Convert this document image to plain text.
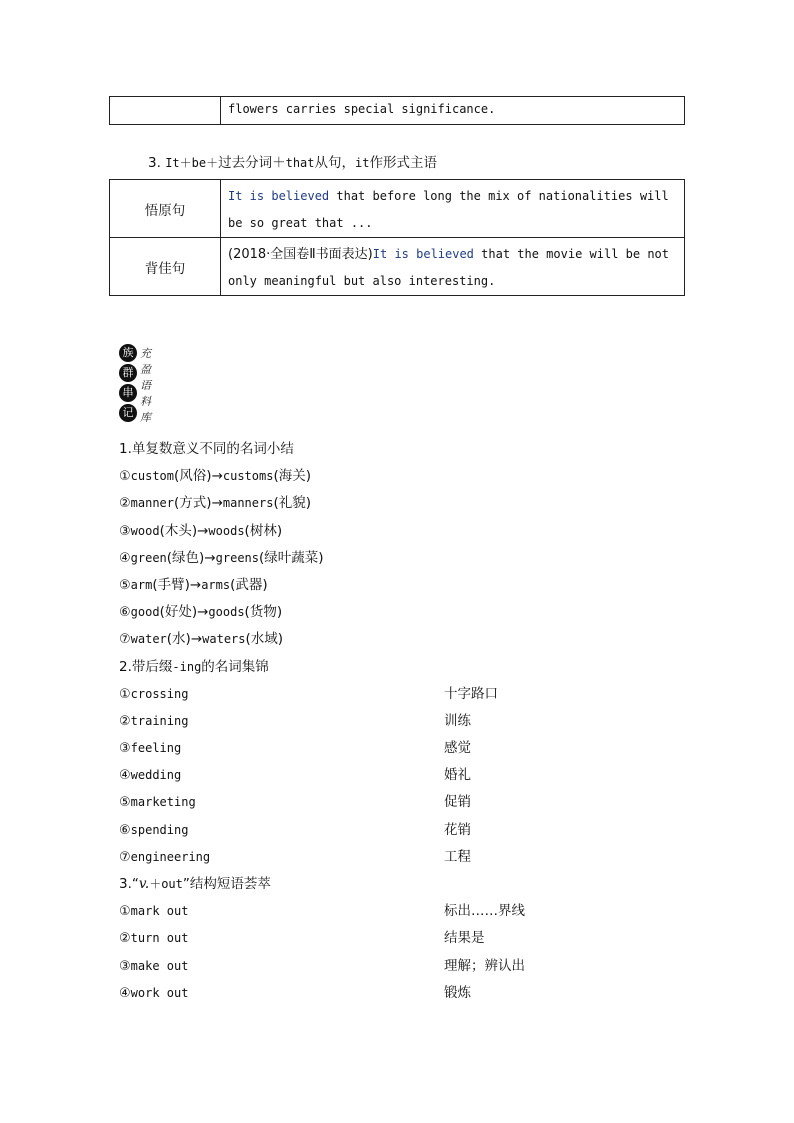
	flowers carries special significance.
3. It＋be＋过去分词＋that从句，it作形式主语
悟原句	It is believed that before long the mix of nationalities will be so great that ...
背佳句	(2018·全国卷Ⅱ书面表达)It is believed that the movie will be not only meaningful but also interesting.
族
群
串
记
充盈语料库
1.单复数意义不同的名词小结
①custom(风俗)→customs(海关)
②manner(方式)→manners(礼貌)
③wood(木头)→woods(树林)
④green(绿色)→greens(绿叶蔬菜)
⑤arm(手臂)→arms(武器)
⑥good(好处)→goods(货物)
⑦water(水)→waters(水域)
2.带后缀-ing的名词集锦
①crossing	十字路口
②training	训练
③feeling	感觉
④wedding	婚礼
⑤marketing	促销
⑥spending	花销
⑦engineering	工程
3.“v.＋out”结构短语荟萃
①mark out	标出……界线
②turn out	结果是
③make out	理解；辨认出
④work out	锻炼
